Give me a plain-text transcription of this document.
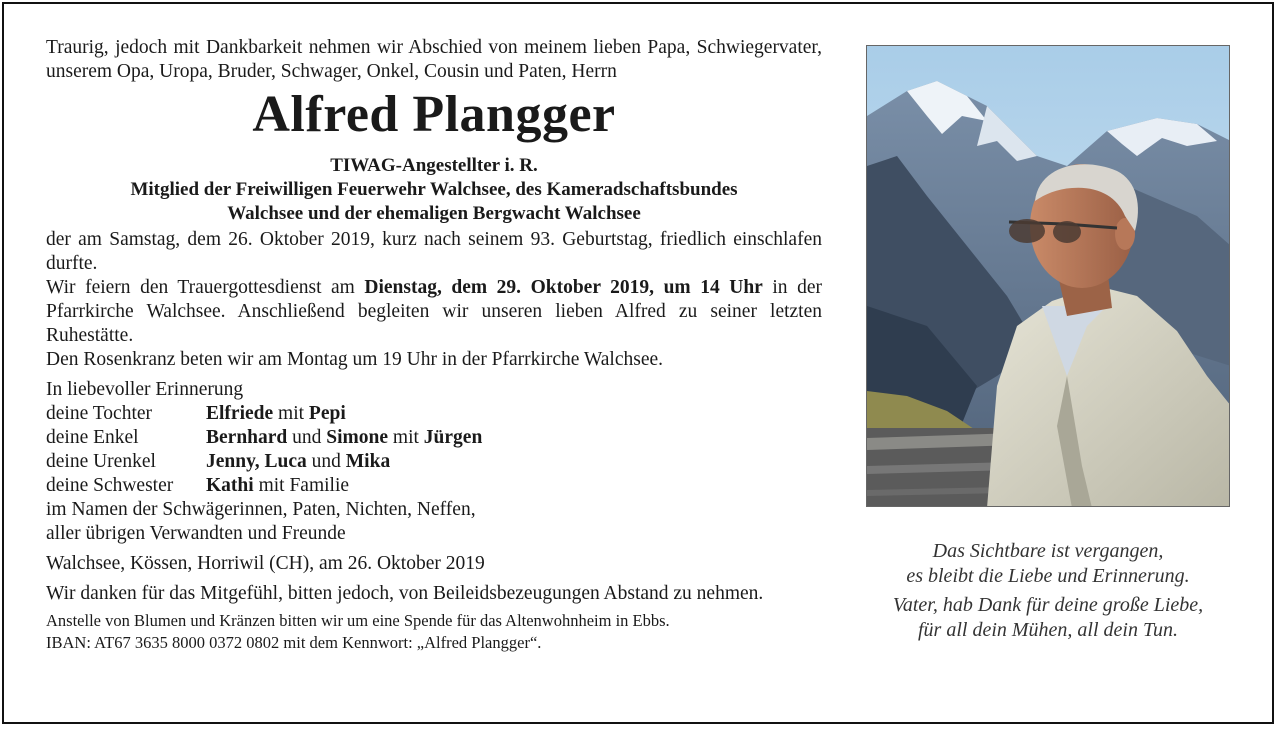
Traurig, jedoch mit Dankbarkeit nehmen wir Abschied von meinem lieben Papa, Schwiegervater, unserem Opa, Uropa, Bruder, Schwager, Onkel, Cousin und Paten, Herrn
Alfred Plangger
TIWAG-Angestellter i. R.
Mitglied der Freiwilligen Feuerwehr Walchsee, des Kameradschaftsbundes
Walchsee und der ehemaligen Bergwacht Walchsee
der am Samstag, dem 26. Oktober 2019, kurz nach seinem 93. Geburtstag, friedlich einschlafen durfte.
Wir feiern den Trauergottesdienst am Dienstag, dem 29. Oktober 2019, um 14 Uhr in der Pfarrkirche Walchsee. Anschließend begleiten wir unseren lieben Alfred zu seiner letzten Ruhestätte.
Den Rosenkranz beten wir am Montag um 19 Uhr in der Pfarrkirche Walchsee.
In liebevoller Erinnerung
deine Tochter	Elfriede mit Pepi
deine Enkel	Bernhard und Simone mit Jürgen
deine Urenkel	Jenny, Luca und Mika
deine Schwester	Kathi mit Familie
im Namen der Schwägerinnen, Paten, Nichten, Neffen,
aller übrigen Verwandten und Freunde
Walchsee, Kössen, Horriwil (CH), am 26. Oktober 2019
Wir danken für das Mitgefühl, bitten jedoch, von Beileidsbezeugungen Abstand zu nehmen.
Anstelle von Blumen und Kränzen bitten wir um eine Spende für das Altenwohnheim in Ebbs.
IBAN: AT67 3635 8000 0372 0802 mit dem Kennwort: „Alfred Plangger“.
Das Sichtbare ist vergangen,
es bleibt die Liebe und Erinnerung.
Vater, hab Dank für deine große Liebe,
für all dein Mühen, all dein Tun.
